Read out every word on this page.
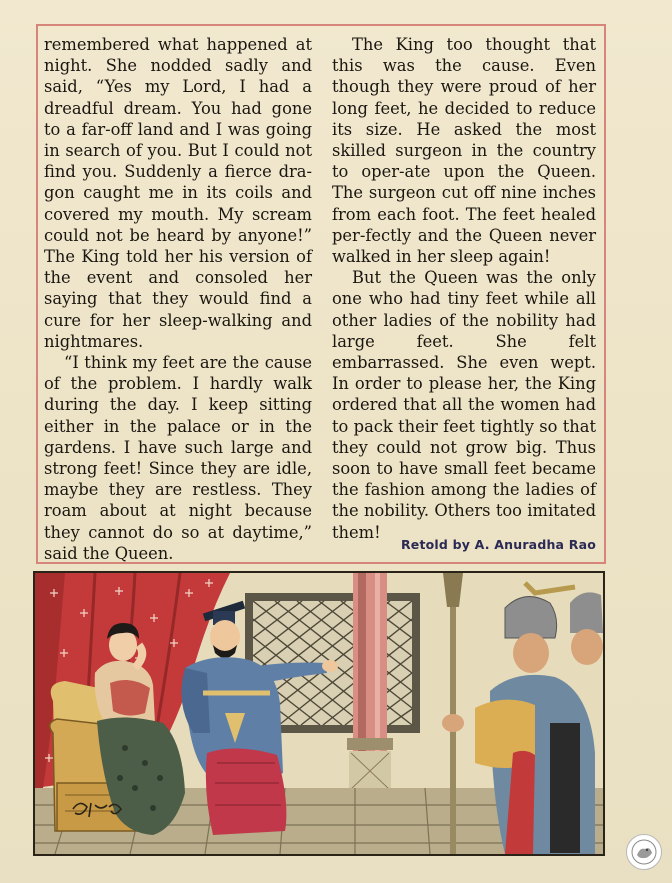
remembered what happened at night. She nodded sadly and said, “Yes my Lord, I had a dreadful dream. You had gone to a far-off land and I was going in search of you. But I could not find you. Suddenly a fierce dra-gon caught me in its coils and covered my mouth. My scream could not be heard by anyone!” The King told her his version of the event and consoled her saying that they would find a cure for her sleep-walking and nightmares.

“I think my feet are the cause of the problem. I hardly walk during the day. I keep sitting either in the palace or in the gardens. I have such large and strong feet! Since they are idle, maybe they are restless. They roam about at night because they cannot do so at daytime,” said the Queen.

The King too thought that this was the cause. Even though they were proud of her long feet, he decided to reduce its size. He asked the most skilled surgeon in the country to oper-ate upon the Queen. The surgeon cut off nine inches from each foot. The feet healed per-fectly and the Queen never walked in her sleep again!

But the Queen was the only one who had tiny feet while all other ladies of the nobility had large feet. She felt embarrassed. She even wept. In order to please her, the King ordered that all the women had to pack their feet tightly so that they could not grow big. Thus soon to have small feet became the fashion among the ladies of the nobility. Others too imitated them!

Retold by A. Anuradha Rao
